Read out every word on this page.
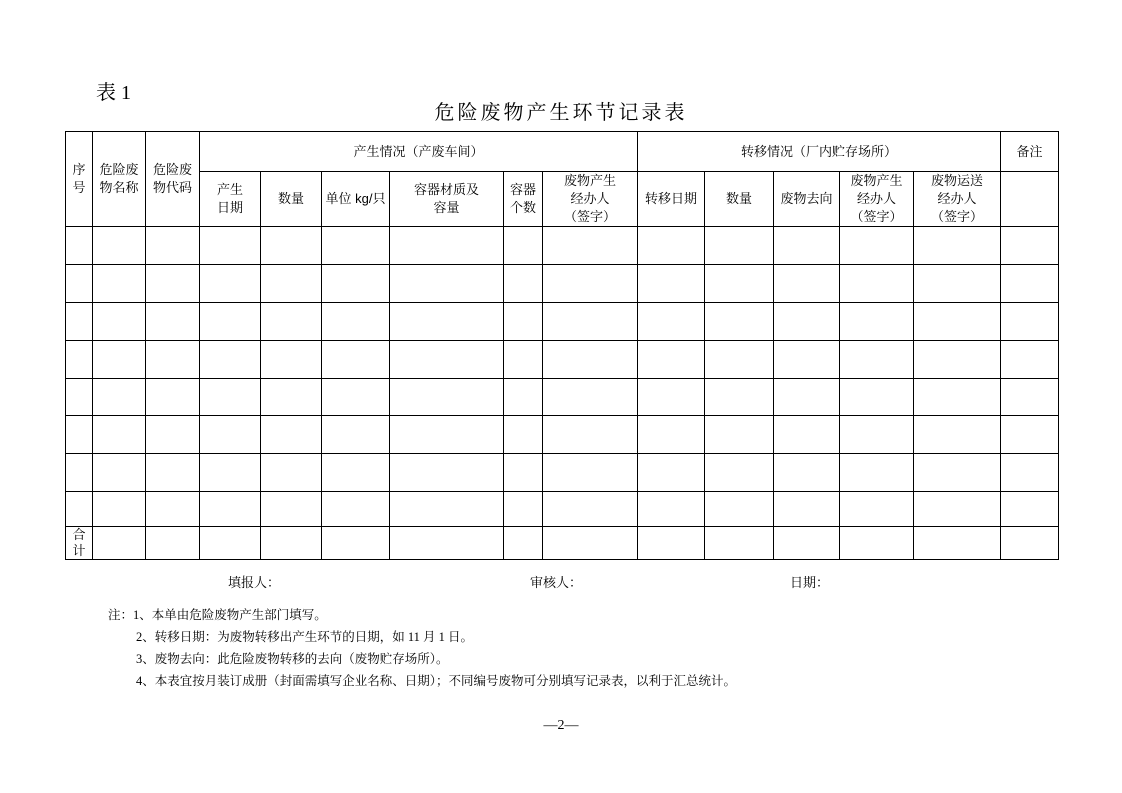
表 1
危险废物产生环节记录表
序号	危险废物名称	危险废物代码	产生情况（产废车间）						转移情况（厂内贮存场所）					备注
			产生日期	数量	单位 kg/只	容器材质及容量	容器个数	废物产生经办人（签字）	转移日期	数量	废物去向	废物产生经办人（签字）	废物运送经办人（签字）	

合计														
填报人：	审核人：	日期：
注：1、本单由危险废物产生部门填写。
2、转移日期：为废物转移出产生环节的日期，如 11 月 1 日。
3、废物去向：此危险废物转移的去向（废物贮存场所）。
4、本表宜按月装订成册（封面需填写企业名称、日期）；不同编号废物可分别填写记录表，以利于汇总统计。
—2—
